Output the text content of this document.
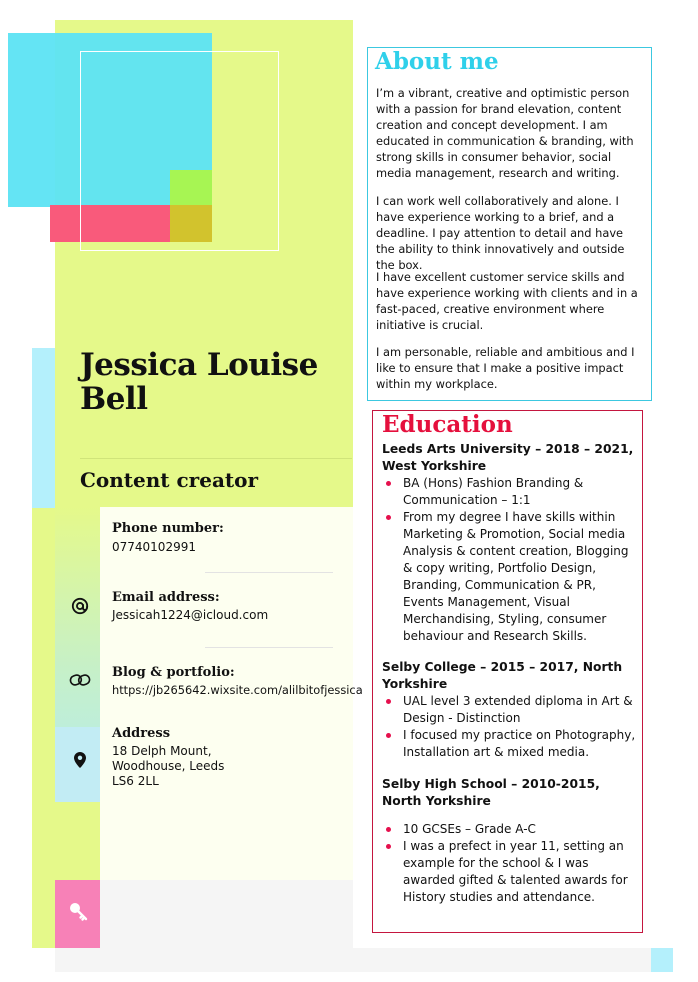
Jessica Louise Bell
Content creator
Phone number:
07740102991
Email address:
Jessicah1224@icloud.com
Blog & portfolio:
https://jb265642.wixsite.com/alilbitofjessica
Address
18 Delph Mount,
Woodhouse, Leeds
LS6 2LL
About me
I’m a vibrant, creative and optimistic person with a passion for brand elevation, content creation and concept development. I am educated in communication & branding, with strong skills in consumer behavior, social media management, research and writing.
I can work well collaboratively and alone. I have experience working to a brief, and a deadline. I pay attention to detail and have the ability to think innovatively and outside the box.
I have excellent customer service skills and have experience working with clients and in a fast-paced, creative environment where initiative is crucial.
I am personable, reliable and ambitious and I like to ensure that I make a positive impact within my workplace.
Education
Leeds Arts University – 2018 – 2021, West Yorkshire
BA (Hons) Fashion Branding & Communication – 1:1
From my degree I have skills within Marketing & Promotion, Social media Analysis & content creation, Blogging & copy writing, Portfolio Design, Branding, Communication & PR, Events Management, Visual Merchandising, Styling, consumer behaviour and Research Skills.
Selby College – 2015 – 2017, North Yorkshire
UAL level 3 extended diploma in Art & Design - Distinction
I focused my practice on Photography, Installation art & mixed media.
Selby High School – 2010-2015, North Yorkshire
10 GCSEs – Grade A-C
I was a prefect in year 11, setting an example for the school & I was awarded gifted & talented awards for History studies and attendance.
